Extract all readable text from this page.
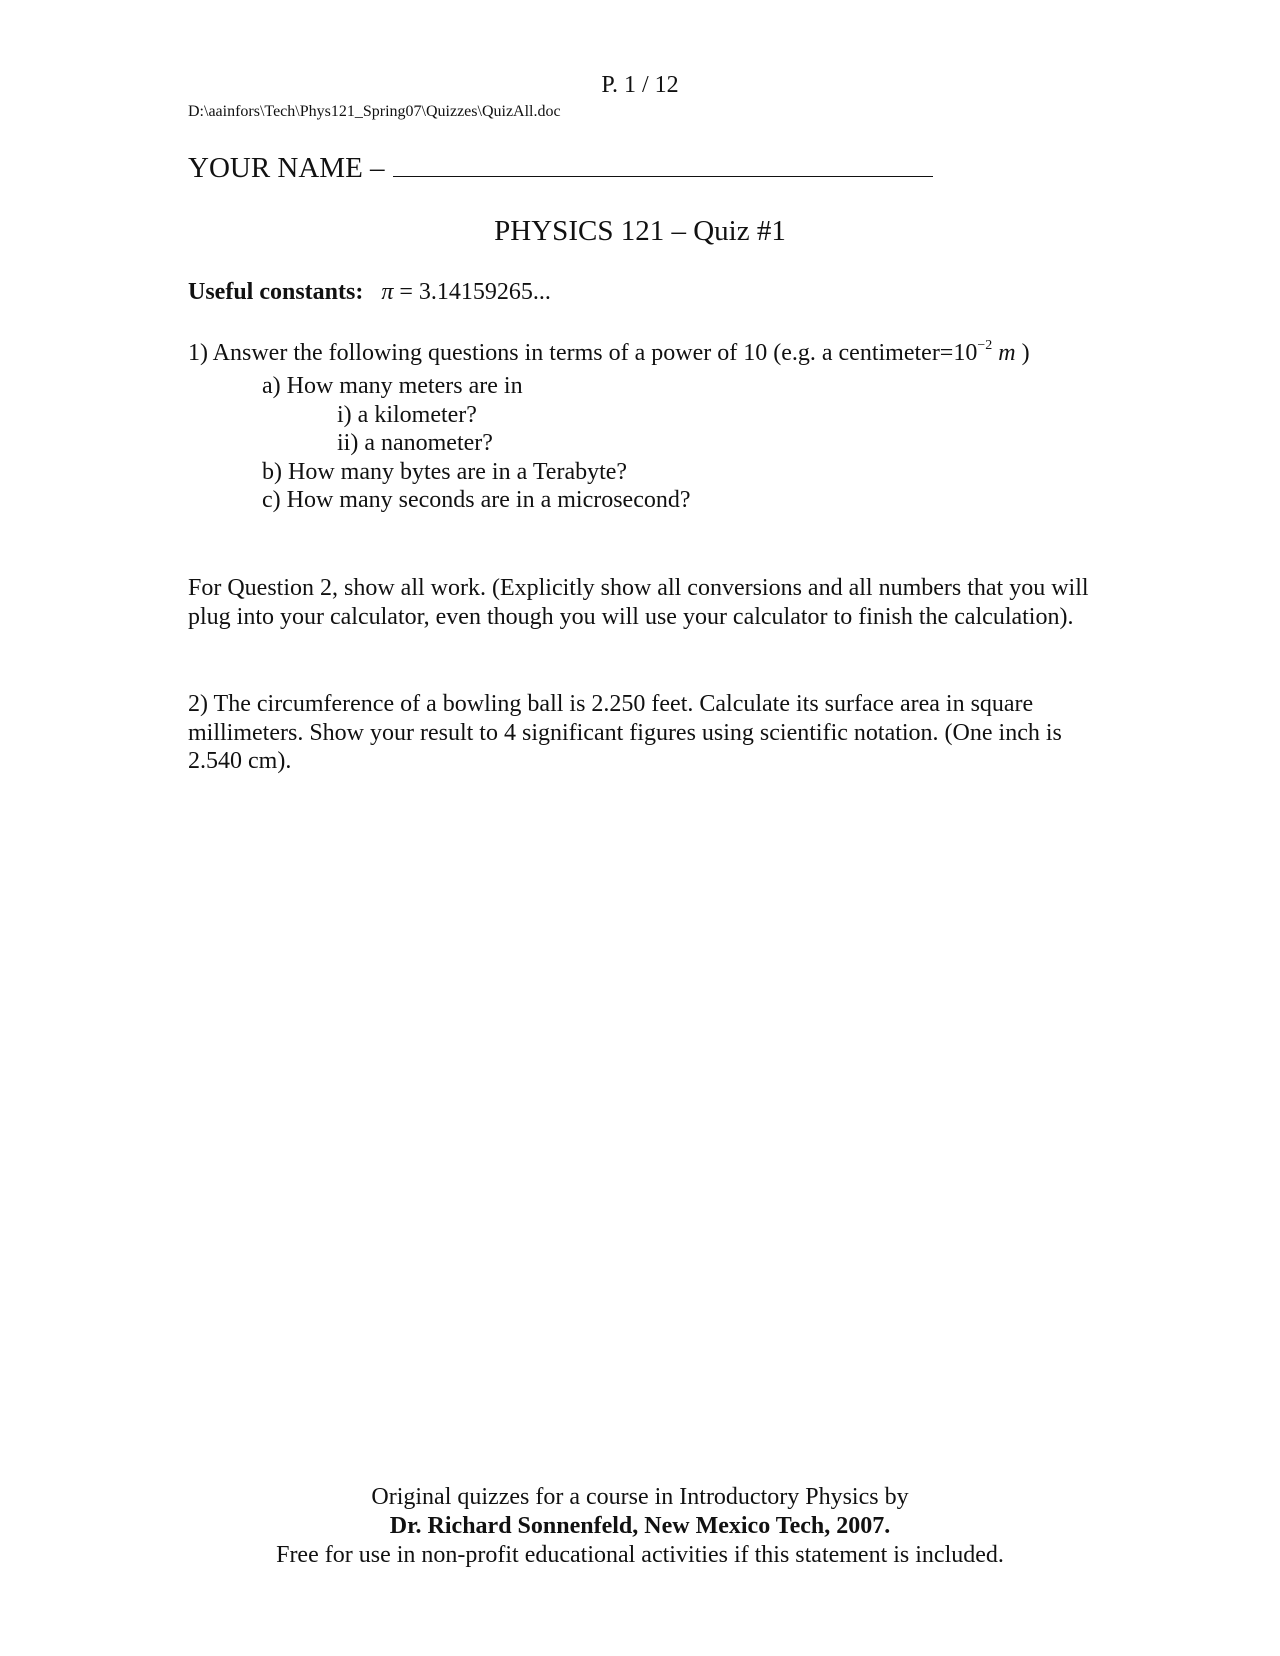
P. 1 / 12
D:\aainfors\Tech\Phys121_Spring07\Quizzes\QuizAll.doc
YOUR NAME –
PHYSICS 121 – Quiz #1
Useful constants: π = 3.14159265...
1) Answer the following questions in terms of a power of 10 (e.g. a $centimeter=10^{-2}$ m )
a) How many meters are in
i) a kilometer?
ii) a nanometer?
b) How many bytes are in a Terabyte?
c) How many seconds are in a microsecond?
For Question 2, show all work. (Explicitly show all conversions and all numbers that you will plug into your calculator, even though you will use your calculator to finish the calculation).
2) The circumference of a bowling ball is 2.250 feet. Calculate its surface area in square millimeters. Show your result to 4 significant figures using scientific notation. (One inch is 2.540 cm).
Original quizzes for a course in Introductory Physics by
Dr. Richard Sonnenfeld, New Mexico Tech, 2007.
Free for use in non-profit educational activities if this statement is included.
